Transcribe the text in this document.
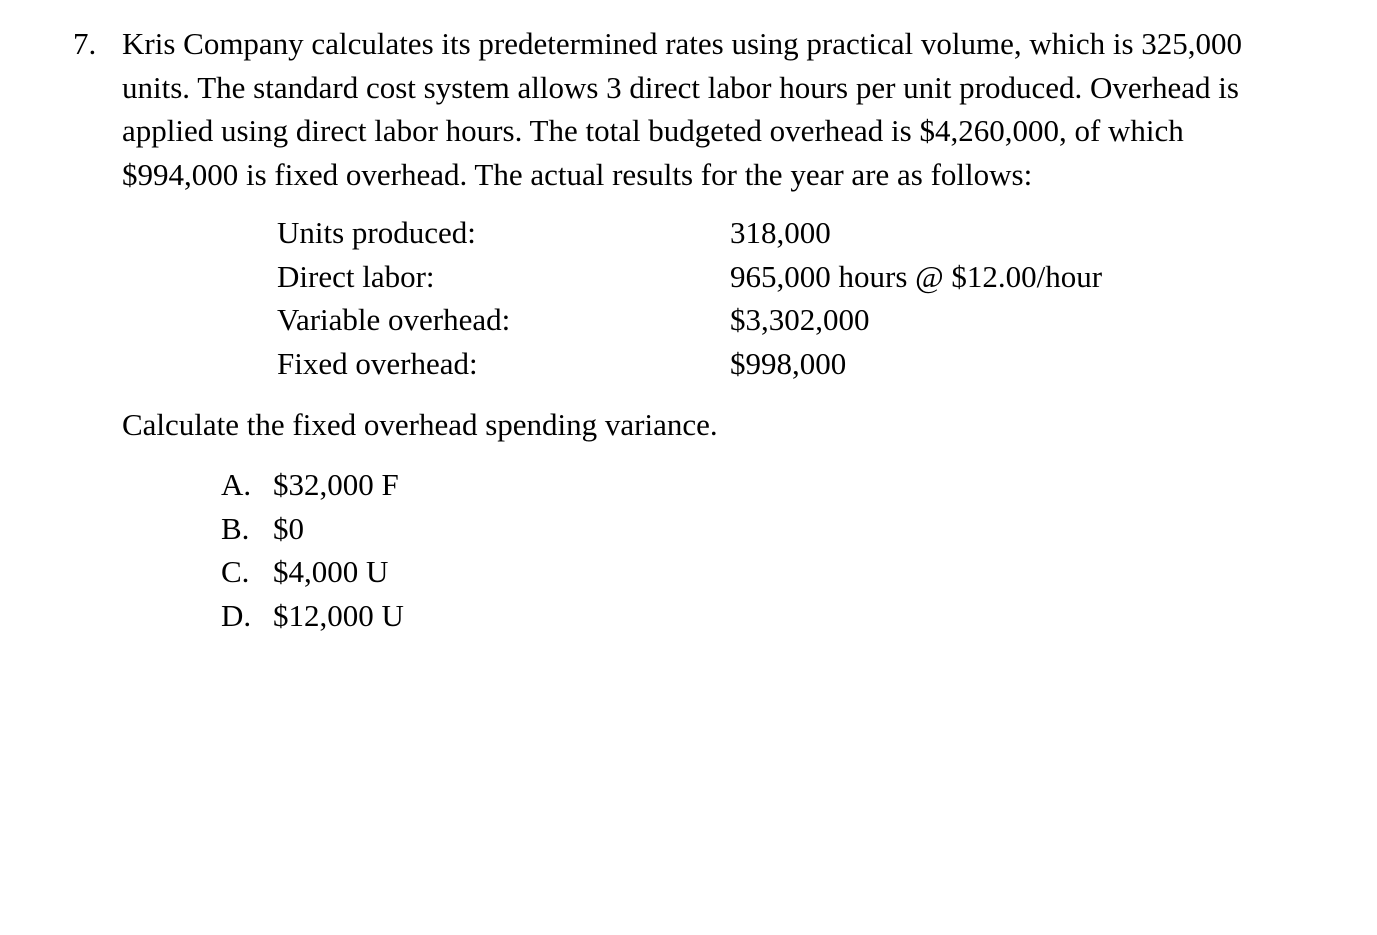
7. Kris Company calculates its predetermined rates using practical volume, which is 325,000
units. The standard cost system allows 3 direct labor hours per unit produced. Overhead is
applied using direct labor hours. The total budgeted overhead is $4,260,000, of which
$994,000 is fixed overhead. The actual results for the year are as follows:
Units produced:	318,000
Direct labor:	965,000 hours @ $12.00/hour
Variable overhead:	$3,302,000
Fixed overhead:	$998,000
Calculate the fixed overhead spending variance.
A. $32,000 F
B. $0
C. $4,000 U
D. $12,000 U
